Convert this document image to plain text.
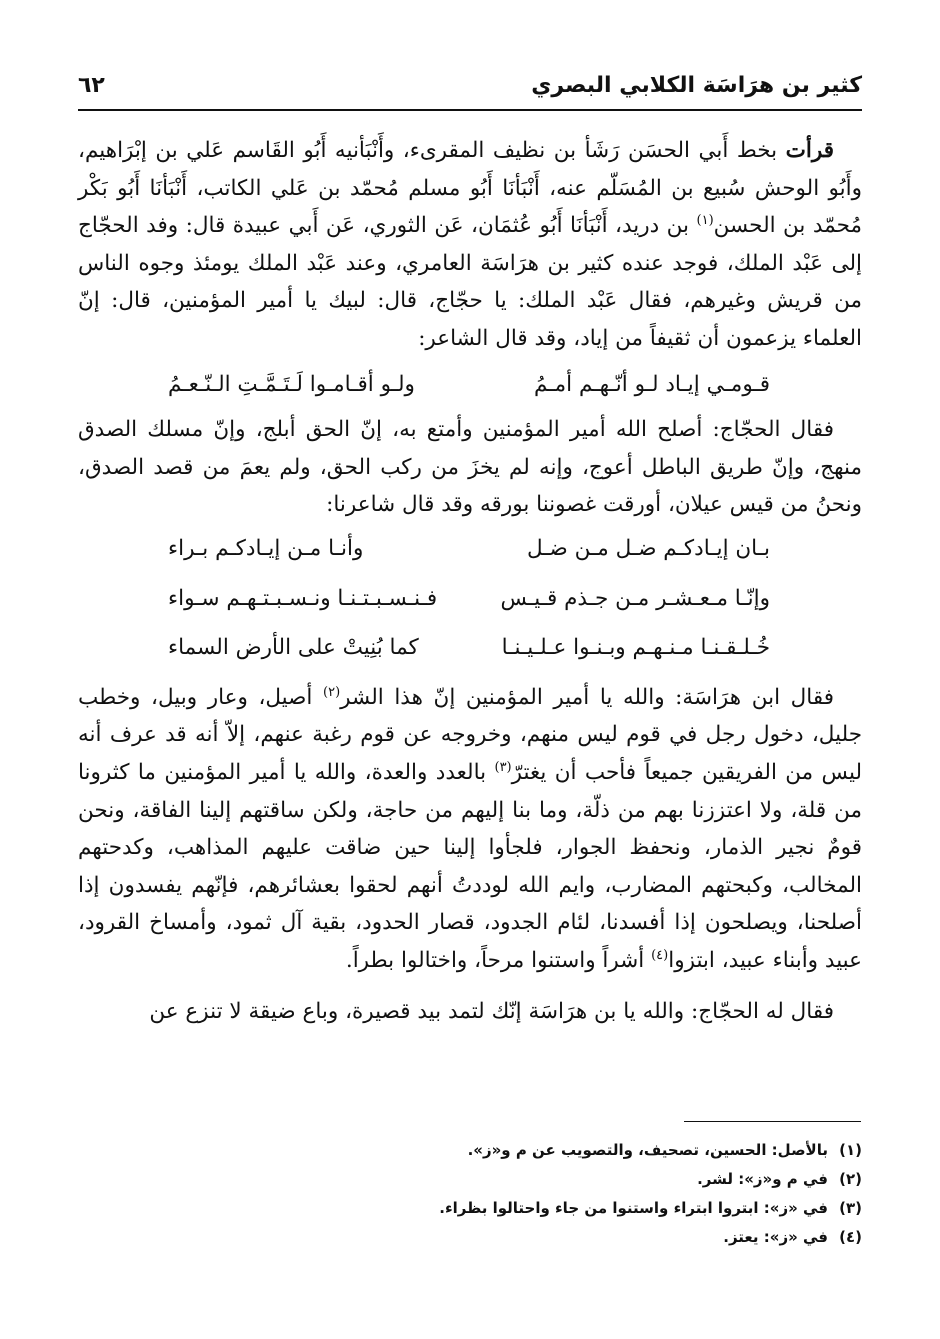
كثير بن هرَاسَة الكلابي البصري
٦٢

قرأت بخط أَبي الحسَن رَشَأ بن نظيف المقرىء، وأَنْبَأنيه أَبُو القَاسم عَلي بن إبْرَاهيم، وأَبُو الوحش سُبيع بن المُسَلّم عنه، أَنْبَأنَا أَبُو مسلم مُحمّد بن عَلي الكاتب، أَنْبَأنَا أَبُو بَكْر مُحمّد بن الحسن$^{(١)}$ بن دريد، أَنْبَأنَا أَبُو عُثمَان، عَن الثوري، عَن أَبي عبيدة قال: وفد الحجّاج إلى عَبْد الملك، فوجد عنده كثير بن هرَاسَة العامري، وعند عَبْد الملك يومئذ وجوه الناس من قريش وغيرهم، فقال عَبْد الملك: يا حجّاج، قال: لبيك يا أمير المؤمنين، قال: إنّ العلماء يزعمون أن ثقيفاً من إياد، وقد قال الشاعر:

قـومـي إيـاد لـو أنّـهـم أمـمُ
ولـو أقـامـوا لَـتَـمَّـتِ الـنّـعـمُ

فقال الحجّاج: أصلح الله أمير المؤمنين وأمتع به، إنّ الحق أبلج، وإنّ مسلك الصدق منهج، وإنّ طريق الباطل أعوج، وإنه لم يخزَ من ركب الحق، ولم يعمَ من قصد الصدق، ونحنُ من قيس عيلان، أورقت غصوننا بورقه وقد قال شاعرنا:

بـان إيـادكـم ضـل مـن ضـل
وأنـا مـن إيـادكـم بـراء
وإنّـا مـعـشـر مـن جـذم قـيـس
فـنـسـبـتـنـا ونـسـبـتـهـم سـواء
خُـلـقـنـا مـنـهـم وبـنـوا عـلـيـنـا
كما بُنِيتْ على الأرض السماء

فقال ابن هرَاسَة: والله يا أمير المؤمنين إنّ هذا الشر$^{(٢)}$ أصيل، وعار وبيل، وخطب جليل، دخول رجل في قوم ليس منهم، وخروجه عن قوم رغبة عنهم، إلاّ أنه قد عرف أنه ليس من الفريقين جميعاً فأحب أن يغترّ$^{(٣)}$ بالعدد والعدة، والله يا أمير المؤمنين ما كثرونا من قلة، ولا اعتززنا بهم من ذلّة، وما بنا إليهم من حاجة، ولكن ساقتهم إلينا الفاقة، ونحن قومٌ نجير الذمار، ونحفظ الجوار، فلجأوا إلينا حين ضاقت عليهم المذاهب، وكدحتهم المخالب، وكبحتهم المضارب، وايم الله لوددتُ أنهم لحقوا بعشائرهم، فإنّهم يفسدون إذا أصلحنا، ويصلحون إذا أفسدنا، لئام الجدود، قصار الحدود، بقية آل ثمود، وأمساخ القرود، عبيد وأبناء عبيد، ابتزوا$^{(٤)}$ أشراً واستنوا مرحاً، واختالوا بطراً.

فقال له الحجّاج: والله يا بن هرَاسَة إنّك لتمد بيد قصيرة، وباع ضيقة لا تنزع عن

(١)بالأصل: الحسين، تصحيف، والتصويب عن م و«ز».

(٢)في م و«ز»: لشر.

(٣)في «ز»: ابتروا ابتراء واستنوا من جاء واحتالوا بظراء.

(٤)في «ز»: يعتز.
